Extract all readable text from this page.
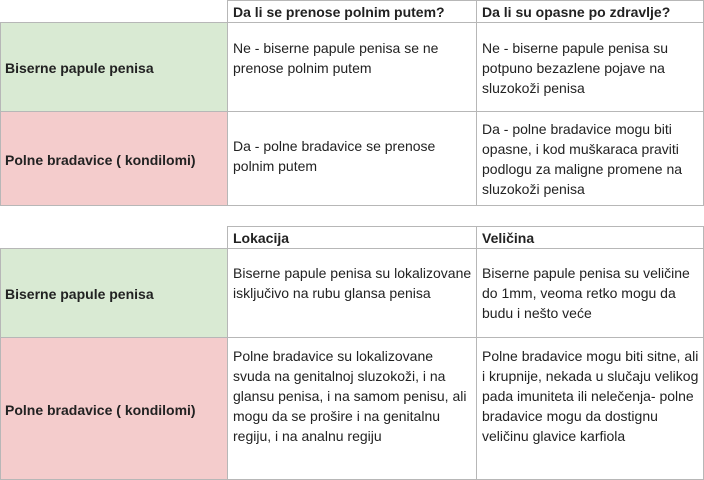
	Da li se prenose polnim putem?	Da li su opasne po zdravlje?
Biserne papule penisa	Ne - biserne papule penisa se ne prenose polnim putem	Ne - biserne papule penisa su potpuno bezazlene pojave na sluzokoži penisa
Polne bradavice ( kondilomi)	Da - polne bradavice se prenose polnim putem	Da - polne bradavice mogu biti opasne, i kod muškaraca praviti podlogu za maligne promene na sluzokoži penisa
	Lokacija	Veličina
Biserne papule penisa	Biserne papule penisa su lokalizovane isključivo na rubu glansa penisa	Biserne papule penisa su veličine do 1mm, veoma retko mogu da budu i nešto veće
Polne bradavice ( kondilomi)	Polne bradavice su lokalizovane svuda na genitalnoj sluzokoži, i na glansu penisa, i na samom penisu, ali mogu da se proširе i na genitalnu regiju, i na analnu regiju	Polne bradavice mogu biti sitne, ali i krupnije, nekada u slučaju velikog pada imuniteta ili nelečenja- polne bradavice mogu da dostignu veličinu glavice karfiola
